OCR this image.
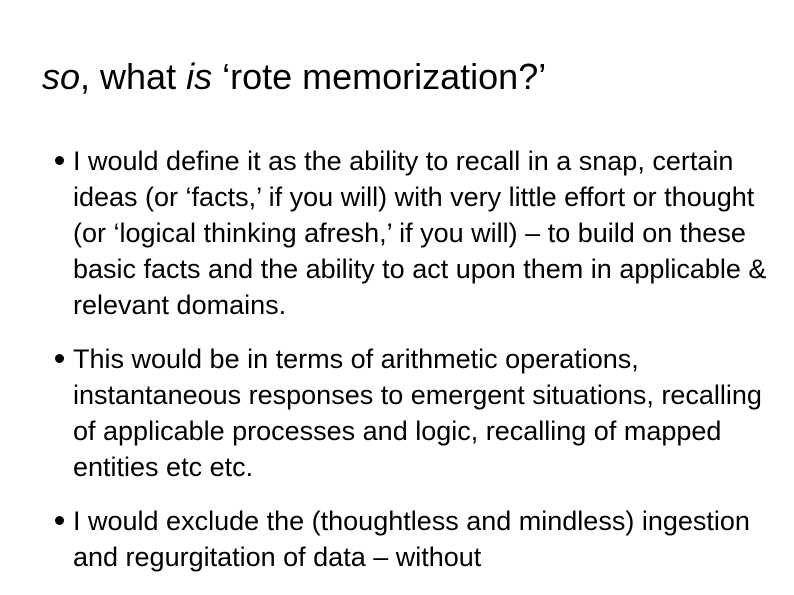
so, what is ‘rote memorization?’
I would define it as the ability to recall in a snap, certain ideas (or ‘facts,’ if you will) with very little effort or thought (or ‘logical thinking afresh,’ if you will) – to build on these basic facts and the ability to act upon them in applicable & relevant domains.
This would be in terms of arithmetic operations, instantaneous responses to emergent situations, recalling of applicable processes and logic, recalling of mapped entities etc etc.
I would exclude the (thoughtless and mindless) ingestion and regurgitation of data – without
